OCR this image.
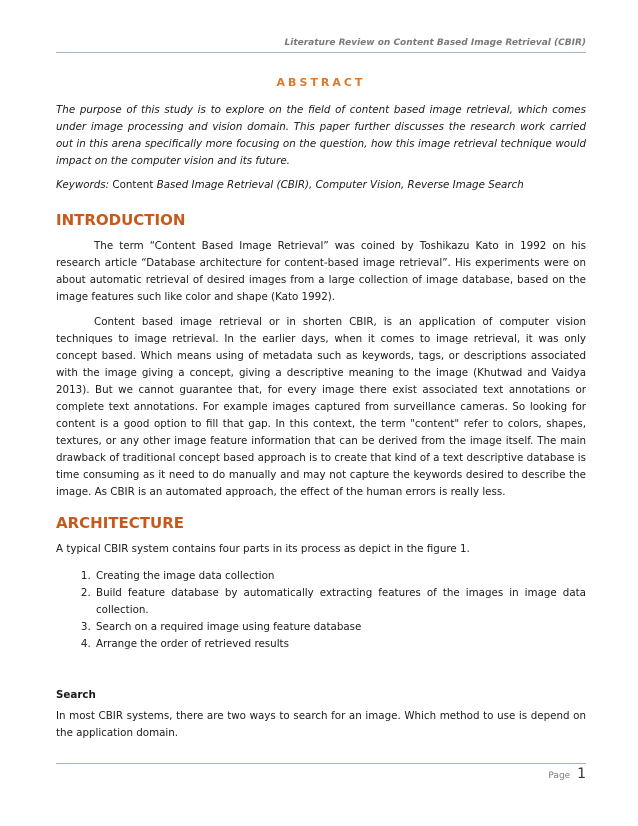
Literature Review on Content Based Image Retrieval (CBIR)
ABSTRACT

The purpose of this study is to explore on the field of content based image retrieval, which comes under image processing and vision domain. This paper further discusses the research work carried out in this arena specifically more focusing on the question, how this image retrieval technique would impact on the computer vision and its future.

Keywords: Content Based Image Retrieval (CBIR), Computer Vision, Reverse Image Search

INTRODUCTION

The term “Content Based Image Retrieval” was coined by Toshikazu Kato in 1992 on his research article “Database architecture for content-based image retrieval”. His experiments were on about automatic retrieval of desired images from a large collection of image database, based on the image features such like color and shape (Kato 1992).

Content based image retrieval or in shorten CBIR, is an application of computer vision techniques to image retrieval. In the earlier days, when it comes to image retrieval, it was only concept based. Which means using of metadata such as keywords, tags, or descriptions associated with the image giving a concept, giving a descriptive meaning to the image (Khutwad and Vaidya 2013). But we cannot guarantee that, for every image there exist associated text annotations or complete text annotations. For example images captured from surveillance cameras. So looking for content is a good option to fill that gap. In this context, the term "content" refer to colors, shapes, textures, or any other image feature information that can be derived from the image itself. The main drawback of traditional concept based approach is to create that kind of a text descriptive database is time consuming as it need to do manually and may not capture the keywords desired to describe the image. As CBIR is an automated approach, the effect of the human errors is really less.

ARCHITECTURE

A typical CBIR system contains four parts in its process as depict in the figure 1.

1. Creating the image data collection
2. Build feature database by automatically extracting features of the images in image data collection.
3. Search on a required image using feature database
4. Arrange the order of retrieved results
Search

In most CBIR systems, there are two ways to search for an image. Which method to use is depend on the application domain.

Page 1
